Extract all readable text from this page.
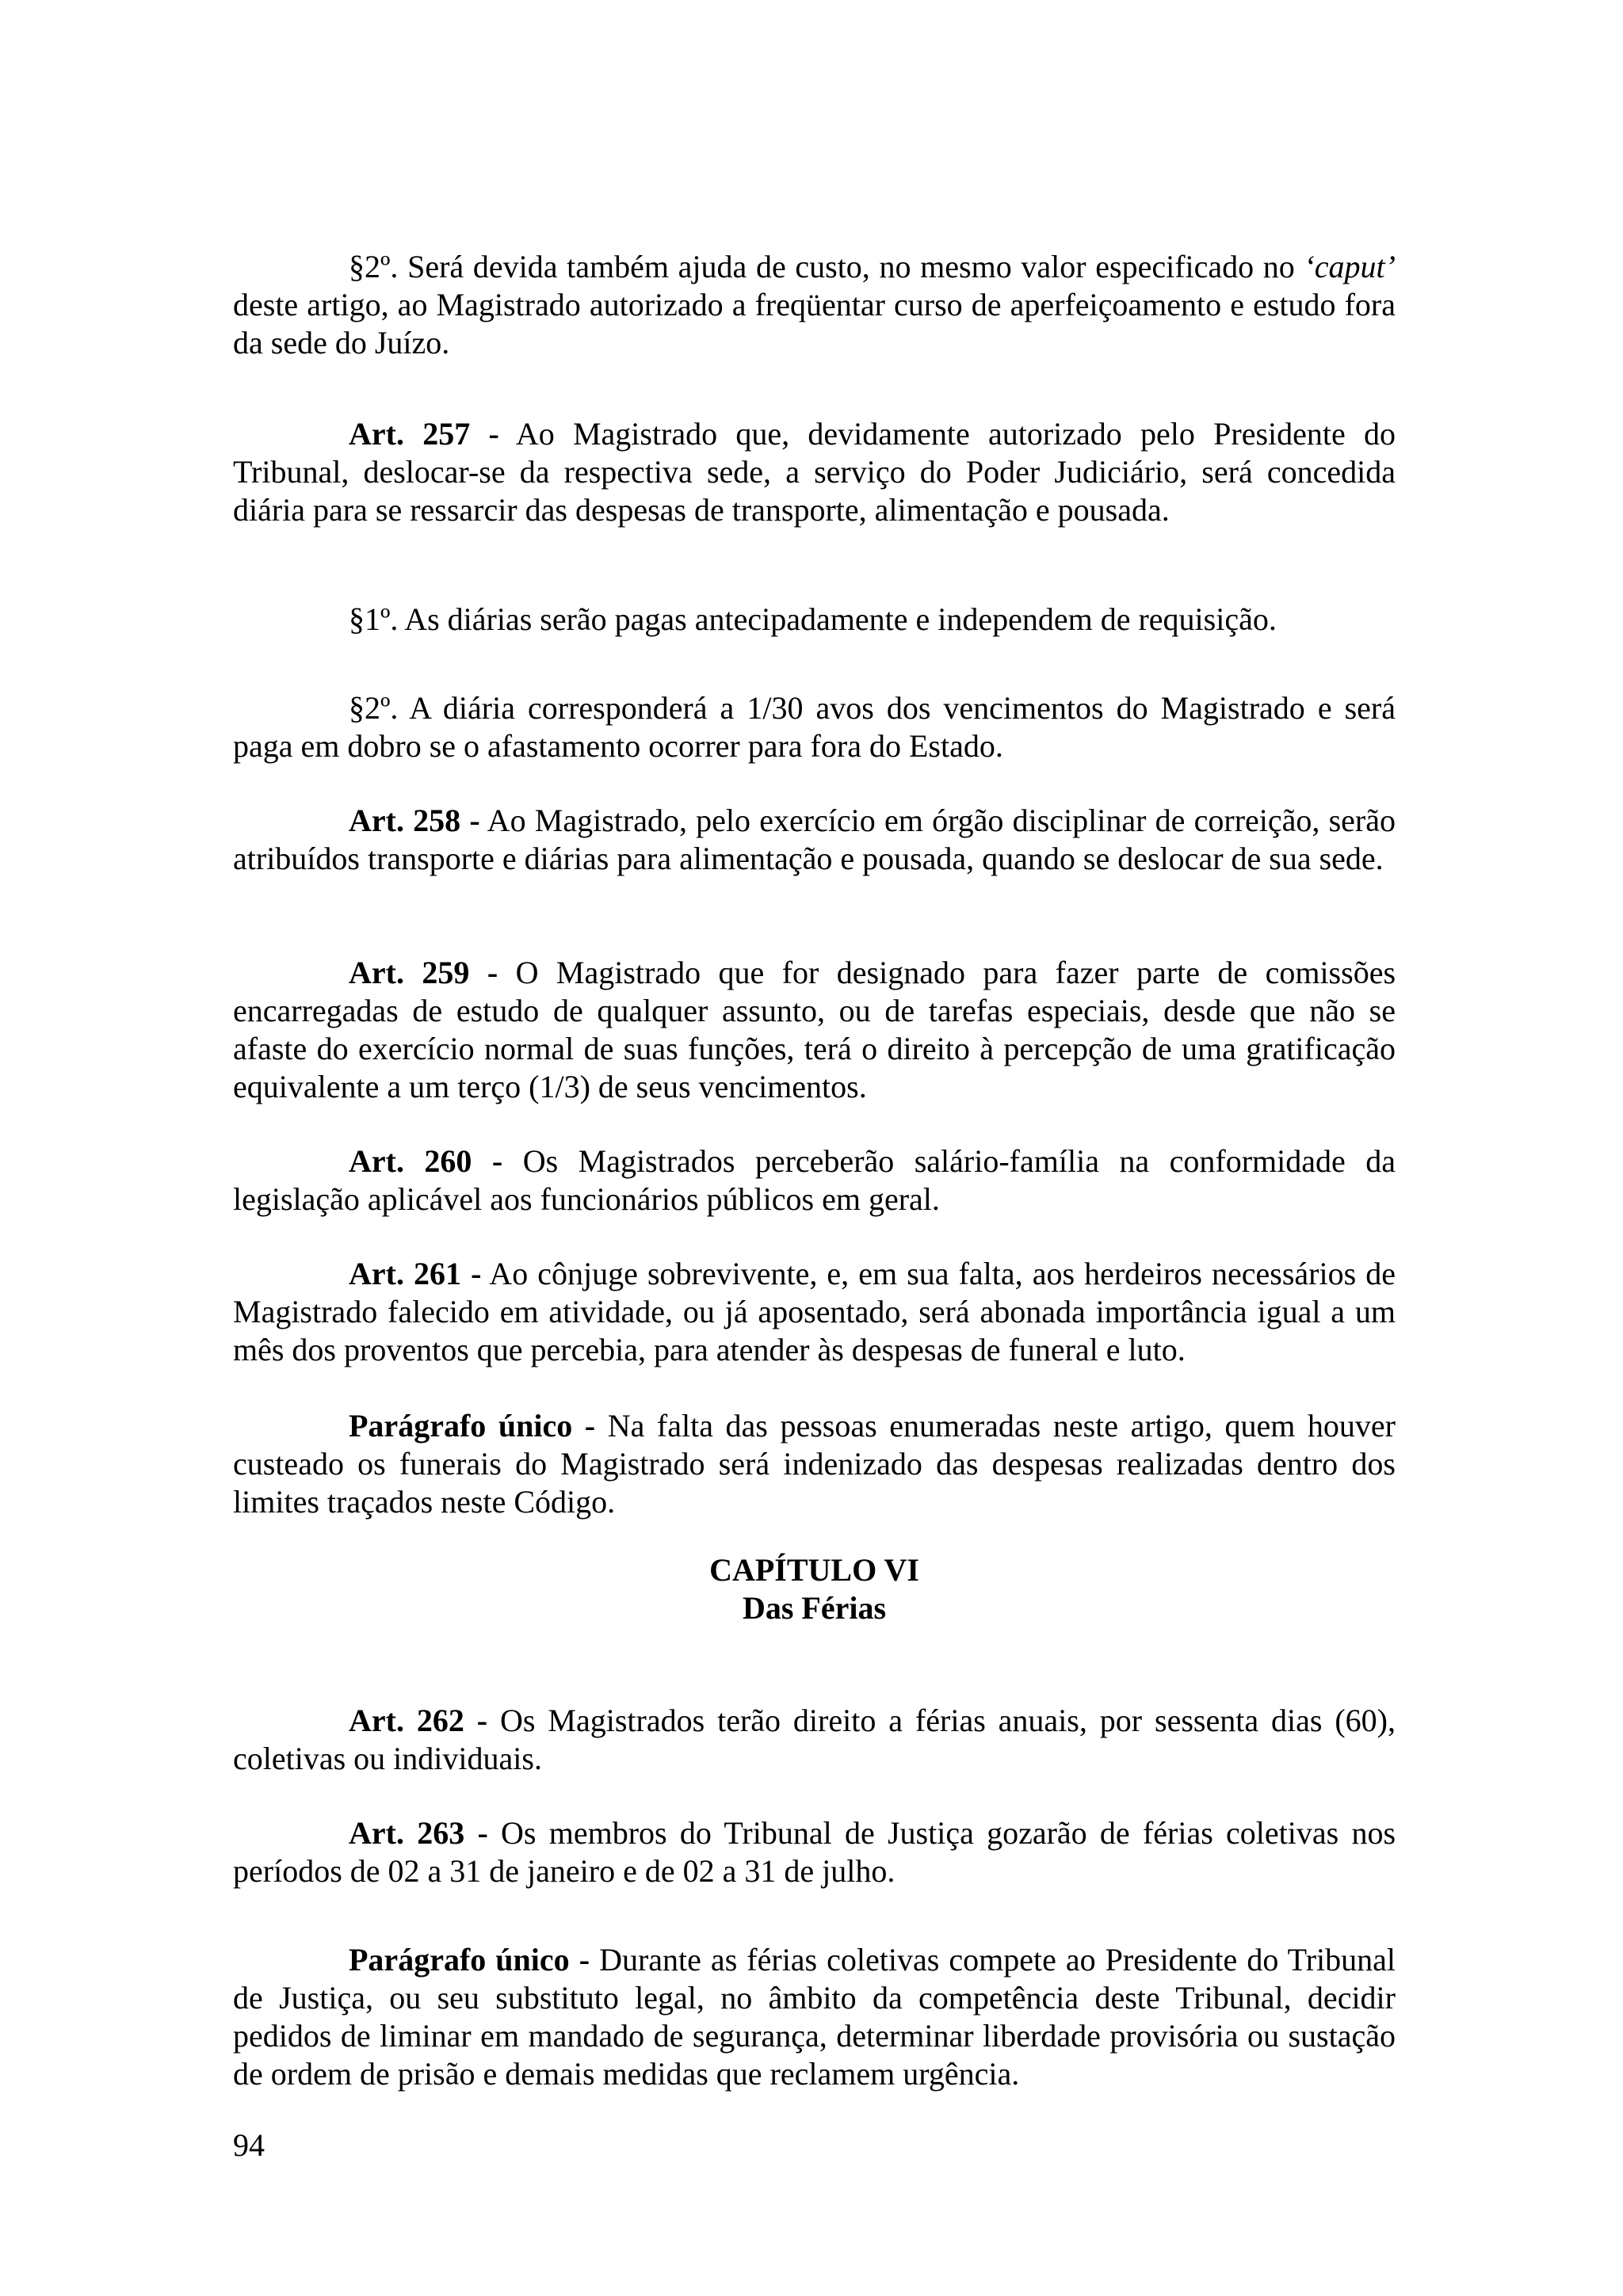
§2º. Será devida também ajuda de custo, no mesmo valor especificado no ‘caput’ deste artigo, ao Magistrado autorizado a freqüentar curso de aperfeiçoamento e estudo fora da sede do Juízo.

Art. 257 - Ao Magistrado que, devidamente autorizado pelo Presidente do Tribunal, deslocar-se da respectiva sede, a serviço do Poder Judiciário, será concedida diária para se ressarcir das despesas de transporte, alimentação e pousada.

§1º. As diárias serão pagas antecipadamente e independem de requisição.

§2º. A diária corresponderá a 1/30 avos dos vencimentos do Magistrado e será paga em dobro se o afastamento ocorrer para fora do Estado.

Art. 258 - Ao Magistrado, pelo exercício em órgão disciplinar de correição, serão atribuídos transporte e diárias para alimentação e pousada, quando se deslocar de sua sede.

Art. 259 - O Magistrado que for designado para fazer parte de comissões encarregadas de estudo de qualquer assunto, ou de tarefas especiais, desde que não se afaste do exercício normal de suas funções, terá o direito à percepção de uma gratificação equivalente a um terço (1/3) de seus vencimentos.

Art. 260 - Os Magistrados perceberão salário-família na conformidade da legislação aplicável aos funcionários públicos em geral.

Art. 261 - Ao cônjuge sobrevivente, e, em sua falta, aos herdeiros necessários de Magistrado falecido em atividade, ou já aposentado, será abonada importância igual a um mês dos proventos que percebia, para atender às despesas de funeral e luto.

Parágrafo único - Na falta das pessoas enumeradas neste artigo, quem houver custeado os funerais do Magistrado será indenizado das despesas realizadas dentro dos limites traçados neste Código.

CAPÍTULO VI

Das Férias

Art. 262 - Os Magistrados terão direito a férias anuais, por sessenta dias (60), coletivas ou individuais.

Art. 263 - Os membros do Tribunal de Justiça gozarão de férias coletivas nos períodos de 02 a 31 de janeiro e de 02 a 31 de julho.

Parágrafo único - Durante as férias coletivas compete ao Presidente do Tribunal de Justiça, ou seu substituto legal, no âmbito da competência deste Tribunal, decidir pedidos de liminar em mandado de segurança, determinar liberdade provisória ou sustação de ordem de prisão e demais medidas que reclamem urgência.

94
